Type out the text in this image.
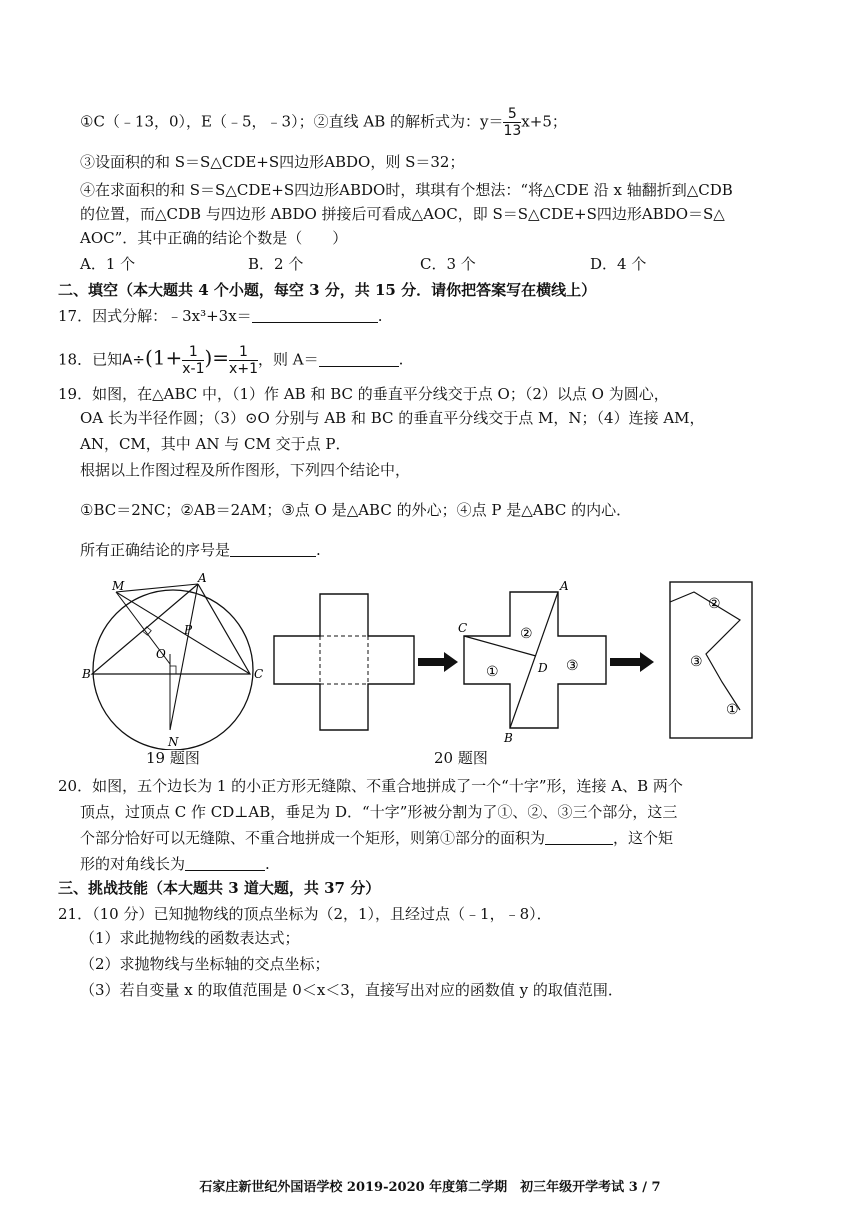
①C（﹣13，0），E（﹣5，﹣3）；②直线 AB 的解析式为：$y= \frac{5}{13} x+5$；
③设面积的和 S＝S△CDE+S四边形ABDO，则 S＝32；
④在求面积的和 S＝S△CDE+S四边形ABDO时，琪琪有个想法：“将△CDE 沿 x 轴翻折到△CDB
的位置，而△CDB 与四边形 ABDO 拼接后可看成△AOC，即 S＝S△CDE+S四边形ABDO＝S△
AOC”．其中正确的结论个数是（　　）
A．1 个	B．2 个	C．3 个	D．4 个
二、填空（本大题共 4 个小题，每空 3 分，共 15 分．请你把答案写在横线上）
17．因式分解：﹣3x³+3x＝	.
18．已知$A\div(1+ \frac{1}{x-1}$ )= $\frac{1}{x+1}$ ，则 A＝	.
19．如图，在△ABC 中，（1）作 AB 和 BC 的垂直平分线交于点 O；（2）以点 O 为圆心，
OA 长为半径作圆；（3）⊙O 分别与 AB 和 BC 的垂直平分线交于点 M，N；（4）连接 AM，
AN，CM，其中 AN 与 CM 交于点 P．
根据以上作图过程及所作图形，下列四个结论中，
①BC＝2NC；②AB＝2AM；③点 O 是△ABC 的外心；④点 P 是△ABC 的内心．
所有正确结论的序号是	.
M
A
P
O
B	C
N
19 题图
A
C
B
D
①
②
③
②
③
①
20 题图
20．如图，五个边长为 1 的小正方形无缝隙、不重合地拼成了一个“十字”形，连接 A、B 两个
顶点，过顶点 C 作 CD⊥AB，垂足为 D．“十字”形被分割为了①、②、③三个部分，这三
个部分恰好可以无缝隙、不重合地拼成一个矩形，则第①部分的面积为	，这个矩
形的对角线长为	.
三、挑战技能（本大题共 3 道大题，共 37 分）
21．（10 分）已知抛物线的顶点坐标为（2，1），且经过点（﹣1，﹣8）．
（1）求此抛物线的函数表达式；
（2）求抛物线与坐标轴的交点坐标；
（3）若自变量 x 的取值范围是 0＜x＜3，直接写出对应的函数值 y 的取值范围．
石家庄新世纪外国语学校 2019-2020 年度第二学期　初三年级开学考试 3 / 7
